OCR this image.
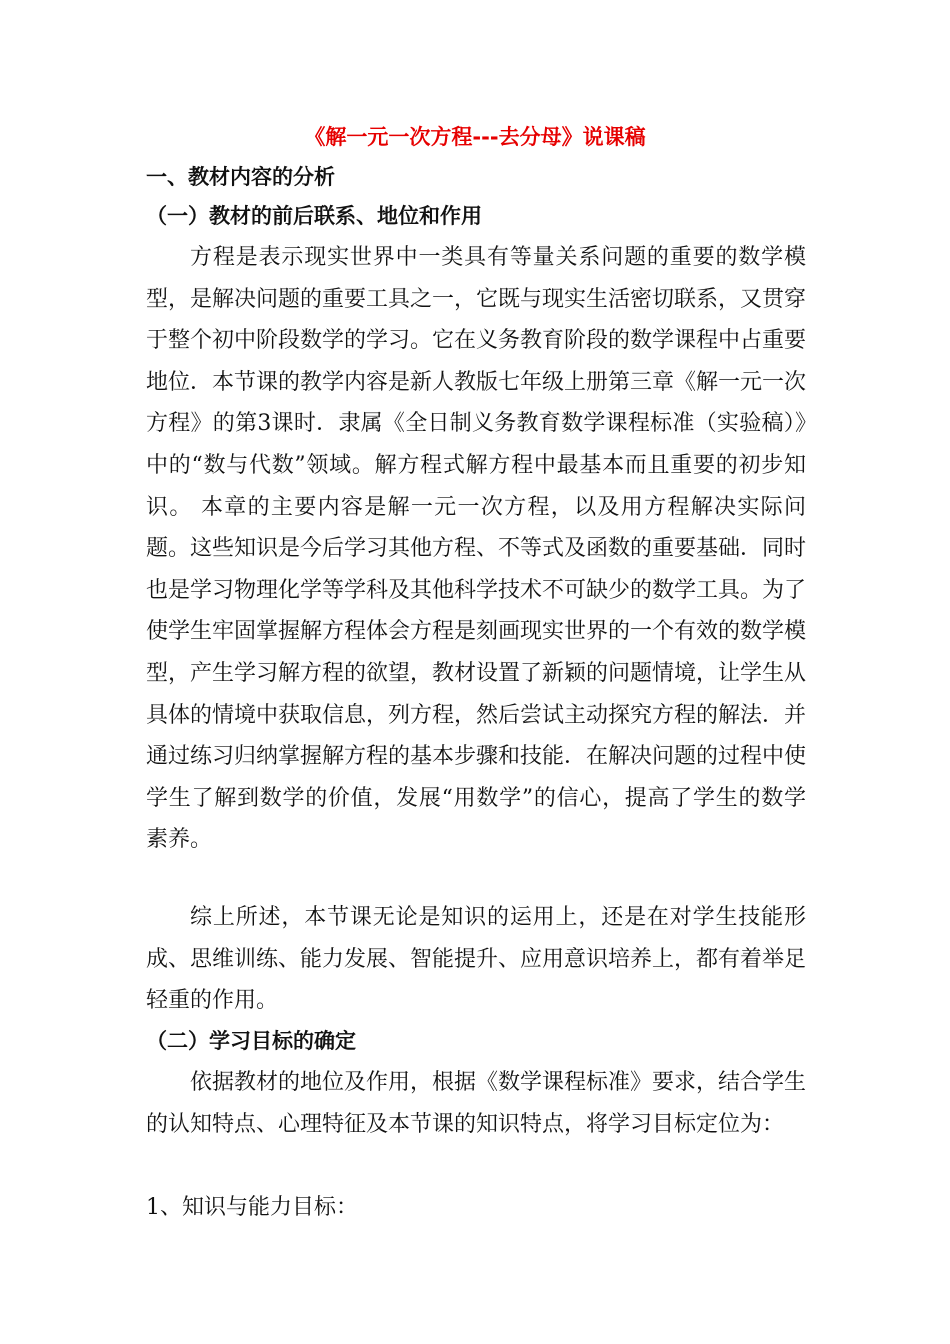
《解一元一次方程---去分母》说课稿
一、教材内容的分析
（一）教材的前后联系、地位和作用
方程是表示现实世界中一类具有等量关系问题的重要的数学模型，是解决问题的重要工具之一，它既与现实生活密切联系，又贯穿于整个初中阶段数学的学习。它在义务教育阶段的数学课程中占重要地位．本节课的教学内容是新人教版七年级上册第三章《解一元一次方程》的第3课时．隶属《全日制义务教育数学课程标准（实验稿）》中的“数与代数”领域。解方程式解方程中最基本而且重要的初步知识。 本章的主要内容是解一元一次方程，以及用方程解决实际问题。这些知识是今后学习其他方程、不等式及函数的重要基础．同时也是学习物理化学等学科及其他科学技术不可缺少的数学工具。为了使学生牢固掌握解方程体会方程是刻画现实世界的一个有效的数学模型，产生学习解方程的欲望，教材设置了新颖的问题情境，让学生从具体的情境中获取信息，列方程，然后尝试主动探究方程的解法．并通过练习归纳掌握解方程的基本步骤和技能．在解决问题的过程中使学生了解到数学的价值，发展“用数学”的信心，提高了学生的数学素养。
综上所述，本节课无论是知识的运用上，还是在对学生技能形成、思维训练、能力发展、智能提升、应用意识培养上，都有着举足轻重的作用。
（二）学习目标的确定
依据教材的地位及作用，根据《数学课程标准》要求，结合学生的认知特点、心理特征及本节课的知识特点，将学习目标定位为：
1、知识与能力目标：
